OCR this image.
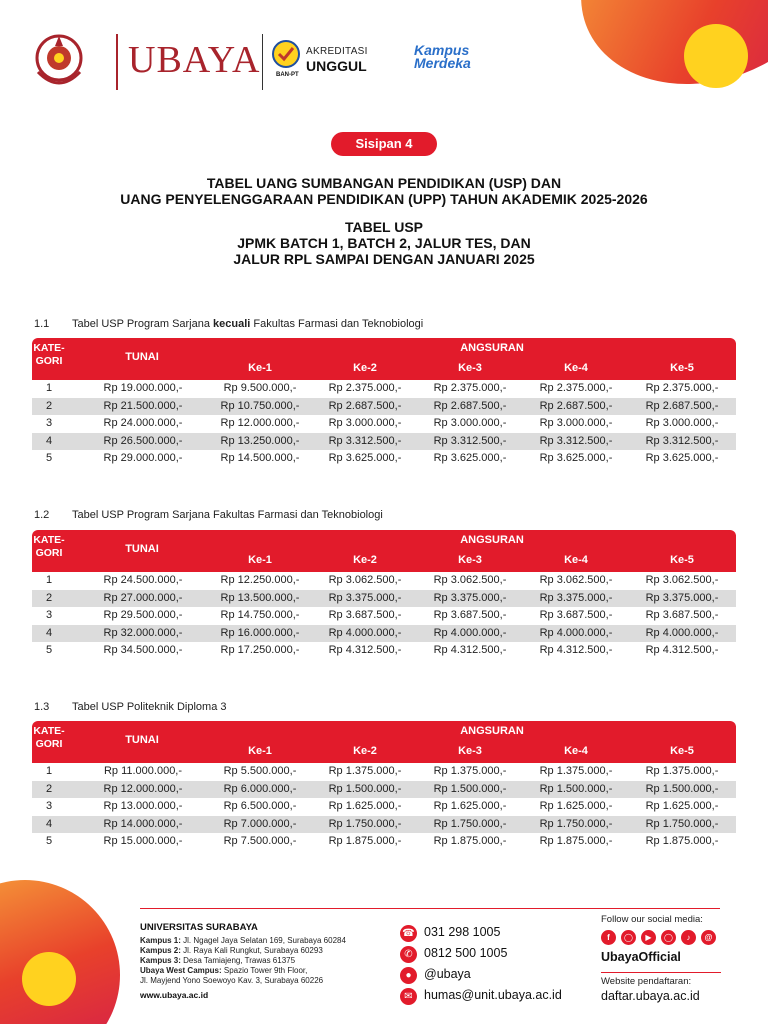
UBAYA	AKREDITASI
UNGGUL
BAN-PT
Kampus Merdeka
Sisipan 4
TABEL UANG SUMBANGAN PENDIDIKAN (USP) DAN
UANG PENYELENGGARAAN PENDIDIKAN (UPP) TAHUN AKADEMIK 2025-2026
TABEL USP
JPMK BATCH 1, BATCH 2, JALUR TES, DAN
JALUR RPL SAMPAI DENGAN JANUARI 2025
1.1 Tabel USP Program Sarjana kecuali Fakultas Farmasi dan Teknobiologi
KATE-
GORI	TUNAI
ANGSURAN
Ke-1	Ke-2	Ke-3	Ke-4	Ke-5
1	Rp 19.000.000,-	Rp 9.500.000,-	Rp 2.375.000,-	Rp 2.375.000,-	Rp 2.375.000,-	Rp 2.375.000,-
2	Rp 21.500.000,-	Rp 10.750.000,-	Rp 2.687.500,-	Rp 2.687.500,-	Rp 2.687.500,-	Rp 2.687.500,-
3	Rp 24.000.000,-	Rp 12.000.000,-	Rp 3.000.000,-	Rp 3.000.000,-	Rp 3.000.000,-	Rp 3.000.000,-
4	Rp 26.500.000,-	Rp 13.250.000,-	Rp 3.312.500,-	Rp 3.312.500,-	Rp 3.312.500,-	Rp 3.312.500,-
5	Rp 29.000.000,-	Rp 14.500.000,-	Rp 3.625.000,-	Rp 3.625.000,-	Rp 3.625.000,-	Rp 3.625.000,-
1.2 Tabel USP Program Sarjana Fakultas Farmasi dan Teknobiologi
KATE-
GORI	TUNAI
ANGSURAN
Ke-1	Ke-2	Ke-3	Ke-4	Ke-5
1	Rp 24.500.000,-	Rp 12.250.000,-	Rp 3.062.500,-	Rp 3.062.500,-	Rp 3.062.500,-	Rp 3.062.500,-
2	Rp 27.000.000,-	Rp 13.500.000,-	Rp 3.375.000,-	Rp 3.375.000,-	Rp 3.375.000,-	Rp 3.375.000,-
3	Rp 29.500.000,-	Rp 14.750.000,-	Rp 3.687.500,-	Rp 3.687.500,-	Rp 3.687.500,-	Rp 3.687.500,-
4	Rp 32.000.000,-	Rp 16.000.000,-	Rp 4.000.000,-	Rp 4.000.000,-	Rp 4.000.000,-	Rp 4.000.000,-
5	Rp 34.500.000,-	Rp 17.250.000,-	Rp 4.312.500,-	Rp 4.312.500,-	Rp 4.312.500,-	Rp 4.312.500,-
1.3 Tabel USP Politeknik Diploma 3
KATE-
GORI	TUNAI
ANGSURAN
Ke-1	Ke-2	Ke-3	Ke-4	Ke-5
1	Rp 11.000.000,-	Rp 5.500.000,-	Rp 1.375.000,-	Rp 1.375.000,-	Rp 1.375.000,-	Rp 1.375.000,-
2	Rp 12.000.000,-	Rp 6.000.000,-	Rp 1.500.000,-	Rp 1.500.000,-	Rp 1.500.000,-	Rp 1.500.000,-
3	Rp 13.000.000,-	Rp 6.500.000,-	Rp 1.625.000,-	Rp 1.625.000,-	Rp 1.625.000,-	Rp 1.625.000,-
4	Rp 14.000.000,-	Rp 7.000.000,-	Rp 1.750.000,-	Rp 1.750.000,-	Rp 1.750.000,-	Rp 1.750.000,-
5	Rp 15.000.000,-	Rp 7.500.000,-	Rp 1.875.000,-	Rp 1.875.000,-	Rp 1.875.000,-	Rp 1.875.000,-
UNIVERSITAS SURABAYA
Kampus 1: Jl. Ngagel Jaya Selatan 169, Surabaya 60284
Kampus 2: Jl. Raya Kali Rungkut, Surabaya 60293
Kampus 3: Desa Tamiajeng, Trawas 61375
Ubaya West Campus: Spazio Tower 9th Floor,
Jl. Mayjend Yono Soewoyo Kav. 3, Surabaya 60226
www.ubaya.ac.id
☎ 031 298 1005
✆ 0812 500 1005
● @ubaya
✉ humas@unit.ubaya.ac.id
Follow our social media:
f	◯	▶	◯	♪	@
UbayaOfficial
Website pendaftaran:
daftar.ubaya.ac.id
